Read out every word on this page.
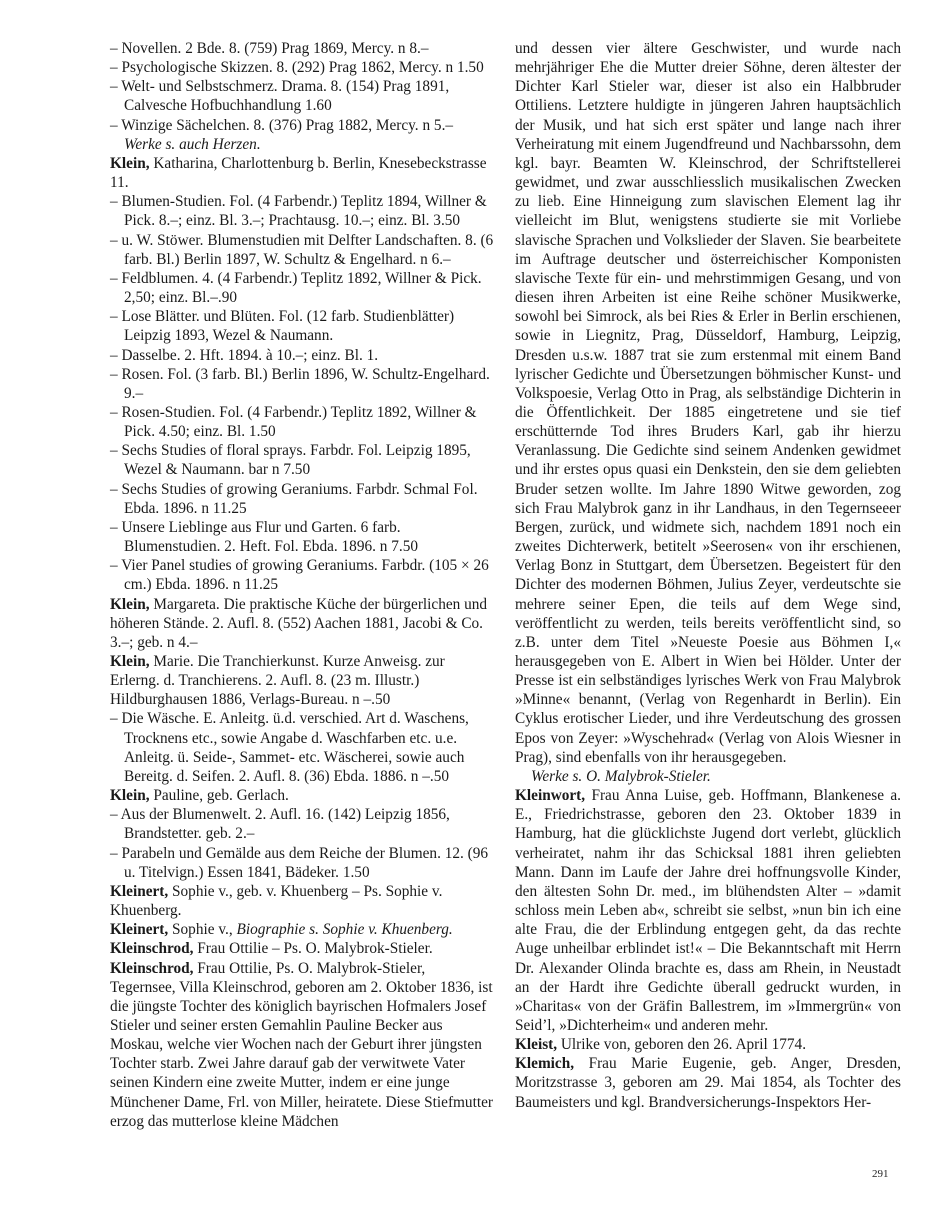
– Novellen. 2 Bde. 8. (759) Prag 1869, Mercy. n 8.–

– Psychologische Skizzen. 8. (292) Prag 1862, Mercy. n 1.50

– Welt- und Selbstschmerz. Drama. 8. (154) Prag 1891, Calvesche Hofbuchhandlung 1.60

– Winzige Sächelchen. 8. (376) Prag 1882, Mercy. n 5.– Werke s. auch Herzen.

Klein, Katharina, Charlottenburg b. Berlin, Knesebeckstrasse 11.

– Blumen-Studien. Fol. (4 Farbendr.) Teplitz 1894, Willner & Pick. 8.–; einz. Bl. 3.–; Prachtausg. 10.–; einz. Bl. 3.50

– u. W. Stöwer. Blumenstudien mit Delfter Landschaften. 8. (6 farb. Bl.) Berlin 1897, W. Schultz & Engelhard. n 6.–

– Feldblumen. 4. (4 Farbendr.) Teplitz 1892, Willner & Pick. 2,50; einz. Bl.–.90

– Lose Blätter. und Blüten. Fol. (12 farb. Studienblätter) Leipzig 1893, Wezel & Naumann.

– Dasselbe. 2. Hft. 1894. à 10.–; einz. Bl. 1.

– Rosen. Fol. (3 farb. Bl.) Berlin 1896, W. Schultz-Engelhard. 9.–

– Rosen-Studien. Fol. (4 Farbendr.) Teplitz 1892, Willner & Pick. 4.50; einz. Bl. 1.50

– Sechs Studies of floral sprays. Farbdr. Fol. Leipzig 1895, Wezel & Naumann. bar n 7.50

– Sechs Studies of growing Geraniums. Farbdr. Schmal Fol. Ebda. 1896. n 11.25

– Unsere Lieblinge aus Flur und Garten. 6 farb. Blumenstudien. 2. Heft. Fol. Ebda. 1896. n 7.50

– Vier Panel studies of growing Geraniums. Farbdr. (105 × 26 cm.) Ebda. 1896. n 11.25

Klein, Margareta. Die praktische Küche der bürgerlichen und höheren Stände. 2. Aufl. 8. (552) Aachen 1881, Jacobi & Co. 3.–; geb. n 4.–

Klein, Marie. Die Tranchierkunst. Kurze Anweisg. zur Erlerng. d. Tranchierens. 2. Aufl. 8. (23 m. Illustr.) Hildburghausen 1886, Verlags-Bureau. n –.50

– Die Wäsche. E. Anleitg. ü.d. verschied. Art d. Waschens, Trocknens etc., sowie Angabe d. Waschfarben etc. u.e. Anleitg. ü. Seide-, Sammet- etc. Wäscherei, sowie auch Bereitg. d. Seifen. 2. Aufl. 8. (36) Ebda. 1886. n –.50

Klein, Pauline, geb. Gerlach.

– Aus der Blumenwelt. 2. Aufl. 16. (142) Leipzig 1856, Brandstetter. geb. 2.–

– Parabeln und Gemälde aus dem Reiche der Blumen. 12. (96 u. Titelvign.) Essen 1841, Bädeker. 1.50

Kleinert, Sophie v., geb. v. Khuenberg – Ps. Sophie v. Khuenberg.

Kleinert, Sophie v., Biographie s. Sophie v. Khuenberg.

Kleinschrod, Frau Ottilie – Ps. O. Malybrok-Stieler.

Kleinschrod, Frau Ottilie, Ps. O. Malybrok-Stieler, Tegernsee, Villa Kleinschrod, geboren am 2. Oktober 1836, ist die jüngste Tochter des königlich bayrischen Hofmalers Josef Stieler und seiner ersten Gemahlin Pauline Becker aus Moskau, welche vier Wochen nach der Geburt ihrer jüngsten Tochter starb. Zwei Jahre darauf gab der verwitwete Vater seinen Kindern eine zweite Mutter, indem er eine junge Münchener Dame, Frl. von Miller, heiratete. Diese Stiefmutter erzog das mutterlose kleine Mädchen

und dessen vier ältere Geschwister, und wurde nach mehrjähriger Ehe die Mutter dreier Söhne, deren ältester der Dichter Karl Stieler war, dieser ist also ein Halbbruder Ottiliens. Letztere huldigte in jüngeren Jahren hauptsächlich der Musik, und hat sich erst später und lange nach ihrer Verheiratung mit einem Jugendfreund und Nachbarssohn, dem kgl. bayr. Beamten W. Kleinschrod, der Schriftstellerei gewidmet, und zwar ausschliesslich musikalischen Zwecken zu lieb. Eine Hinneigung zum slavischen Element lag ihr vielleicht im Blut, wenigstens studierte sie mit Vorliebe slavische Sprachen und Volkslieder der Slaven. Sie bearbeitete im Auftrage deutscher und österreichischer Komponisten slavische Texte für ein- und mehrstimmigen Gesang, und von diesen ihren Arbeiten ist eine Reihe schöner Musikwerke, sowohl bei Simrock, als bei Ries & Erler in Berlin erschienen, sowie in Liegnitz, Prag, Düsseldorf, Hamburg, Leipzig, Dresden u.s.w. 1887 trat sie zum erstenmal mit einem Band lyrischer Gedichte und Übersetzungen böhmischer Kunst- und Volkspoesie, Verlag Otto in Prag, als selbständige Dichterin in die Öffentlichkeit. Der 1885 eingetretene und sie tief erschütternde Tod ihres Bruders Karl, gab ihr hierzu Veranlassung. Die Gedichte sind seinem Andenken gewidmet und ihr erstes opus quasi ein Denkstein, den sie dem geliebten Bruder setzen wollte. Im Jahre 1890 Witwe geworden, zog sich Frau Malybrok ganz in ihr Landhaus, in den Tegernseeer Bergen, zurück, und widmete sich, nachdem 1891 noch ein zweites Dichterwerk, betitelt »Seerosen« von ihr erschienen, Verlag Bonz in Stuttgart, dem Übersetzen. Begeistert für den Dichter des modernen Böhmen, Julius Zeyer, verdeutschte sie mehrere seiner Epen, die teils auf dem Wege sind, veröffentlicht zu werden, teils bereits veröffentlicht sind, so z.B. unter dem Titel »Neueste Poesie aus Böhmen I,« herausgegeben von E. Albert in Wien bei Hölder. Unter der Presse ist ein selbständiges lyrisches Werk von Frau Malybrok »Minne« benannt, (Verlag von Regenhardt in Berlin). Ein Cyklus erotischer Lieder, und ihre Verdeutschung des grossen Epos von Zeyer: »Wyschehrad« (Verlag von Alois Wiesner in Prag), sind ebenfalls von ihr herausgegeben.

Werke s. O. Malybrok-Stieler.

Kleinwort, Frau Anna Luise, geb. Hoffmann, Blankenese a. E., Friedrichstrasse, geboren den 23. Oktober 1839 in Hamburg, hat die glücklichste Jugend dort verlebt, glücklich verheiratet, nahm ihr das Schicksal 1881 ihren geliebten Mann. Dann im Laufe der Jahre drei hoffnungsvolle Kinder, den ältesten Sohn Dr. med., im blühendsten Alter – »damit schloss mein Leben ab«, schreibt sie selbst, »nun bin ich eine alte Frau, die der Erblindung entgegen geht, da das rechte Auge unheilbar erblindet ist!« – Die Bekanntschaft mit Herrn Dr. Alexander Olinda brachte es, dass am Rhein, in Neustadt an der Hardt ihre Gedichte überall gedruckt wurden, in »Charitas« von der Gräfin Ballestrem, im »Immergrün« von Seid’l, »Dichterheim« und anderen mehr.

Kleist, Ulrike von, geboren den 26. April 1774.

Klemich, Frau Marie Eugenie, geb. Anger, Dresden, Moritzstrasse 3, geboren am 29. Mai 1854, als Tochter des Baumeisters und kgl. Brandversicherungs-Inspektors Her-

291
